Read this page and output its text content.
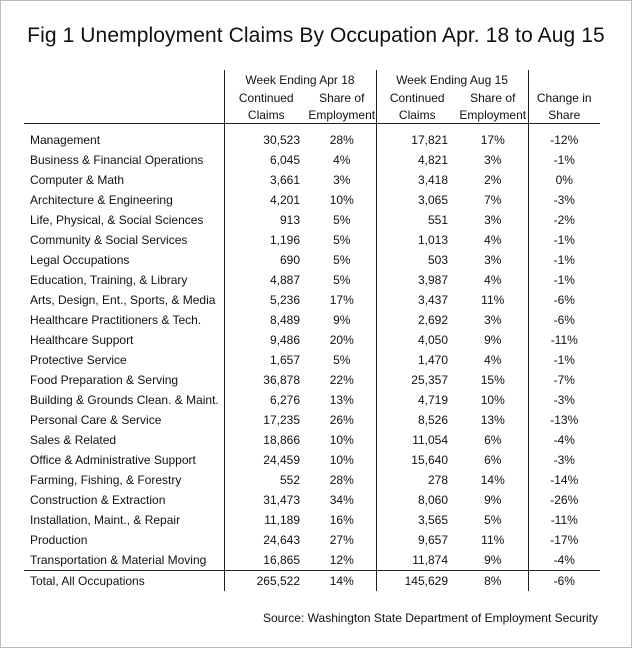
Fig 1 Unemployment Claims By Occupation Apr. 18 to Aug 15
	Week Ending Apr 18		Week Ending Aug 15		
	Continued	Share of	Continued	Share of	Change in
	Claims	Employment	Claims	Employment	Share
Management	30,523	28%	17,821	17%	-12%
Business & Financial Operations	6,045	4%	4,821	3%	-1%
Computer & Math	3,661	3%	3,418	2%	0%
Architecture & Engineering	4,201	10%	3,065	7%	-3%
Life, Physical, & Social Sciences	913	5%	551	3%	-2%
Community & Social Services	1,196	5%	1,013	4%	-1%
Legal Occupations	690	5%	503	3%	-1%
Education, Training, & Library	4,887	5%	3,987	4%	-1%
Arts, Design, Ent., Sports, & Media	5,236	17%	3,437	11%	-6%
Healthcare Practitioners & Tech.	8,489	9%	2,692	3%	-6%
Healthcare Support	9,486	20%	4,050	9%	-11%
Protective Service	1,657	5%	1,470	4%	-1%
Food Preparation & Serving	36,878	22%	25,357	15%	-7%
Building & Grounds Clean. & Maint.	6,276	13%	4,719	10%	-3%
Personal Care & Service	17,235	26%	8,526	13%	-13%
Sales & Related	18,866	10%	11,054	6%	-4%
Office & Administrative Support	24,459	10%	15,640	6%	-3%
Farming, Fishing, & Forestry	552	28%	278	14%	-14%
Construction & Extraction	31,473	34%	8,060	9%	-26%
Installation, Maint., & Repair	11,189	16%	3,565	5%	-11%
Production	24,643	27%	9,657	11%	-17%
Transportation & Material Moving	16,865	12%	11,874	9%	-4%
Total, All Occupations	265,522	14%	145,629	8%	-6%
Source: Washington State Department of Employment Security
